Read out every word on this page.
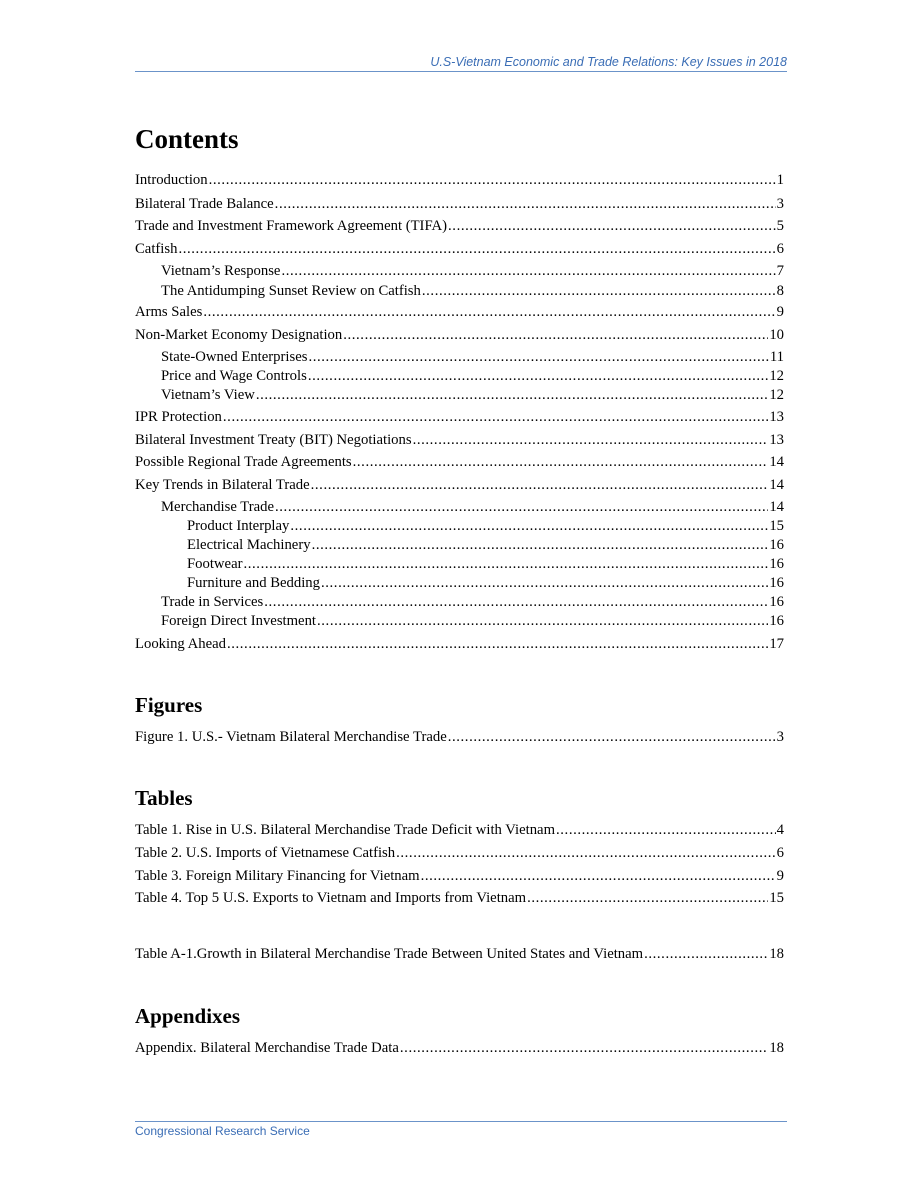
U.S-Vietnam Economic and Trade Relations: Key Issues in 2018
Contents
Introduction .....	1
Bilateral Trade Balance .....	3
Trade and Investment Framework Agreement (TIFA) .....	5
Catfish .....	6
Vietnam’s Response .....	7
The Antidumping Sunset Review on Catfish .....	8
Arms Sales .....	9
Non-Market Economy Designation .....	10
State-Owned Enterprises .....	11
Price and Wage Controls .....	12
Vietnam’s View .....	12
IPR Protection .....	13
Bilateral Investment Treaty (BIT) Negotiations .....	13
Possible Regional Trade Agreements .....	14
Key Trends in Bilateral Trade .....	14
Merchandise Trade .....	14
Product Interplay .....	15
Electrical Machinery .....	16
Footwear .....	16
Furniture and Bedding .....	16
Trade in Services .....	16
Foreign Direct Investment .....	16
Looking Ahead .....	17
Figures
Figure 1. U.S.- Vietnam Bilateral Merchandise Trade .....	3
Tables
Table 1. Rise in U.S. Bilateral Merchandise Trade Deficit with Vietnam .....	4
Table 2. U.S. Imports of Vietnamese Catfish .....	6
Table 3. Foreign Military Financing for Vietnam .....	9
Table 4. Top 5 U.S. Exports to Vietnam and Imports from Vietnam .....	15
Table A-1.Growth in Bilateral Merchandise Trade Between United States and Vietnam .....	18
Appendixes
Appendix. Bilateral Merchandise Trade Data .....	18
Congressional Research Service
